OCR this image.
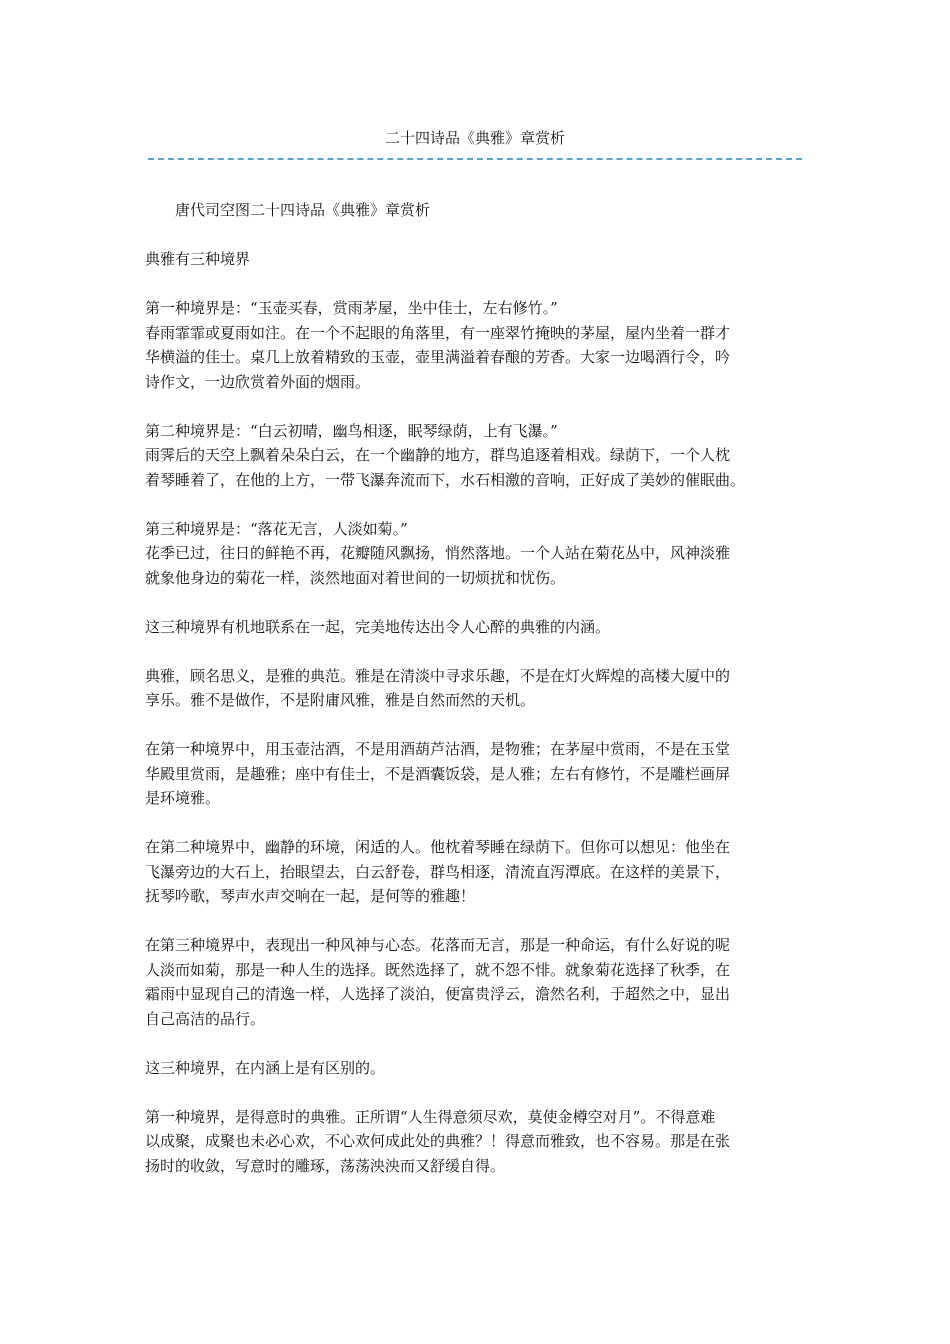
二十四诗品《典雅》章赏析

唐代司空图二十四诗品《典雅》章赏析

典雅有三种境界

第一种境界是：“玉壶买春，赏雨茅屋，坐中佳士，左右修竹。”
春雨霏霏或夏雨如注。在一个不起眼的角落里，有一座翠竹掩映的茅屋，屋内坐着一群才
华横溢的佳士。桌几上放着精致的玉壶，壶里满溢着春酿的芳香。大家一边喝酒行令，吟
诗作文，一边欣赏着外面的烟雨。

第二种境界是：“白云初晴，幽鸟相逐，眠琴绿荫，上有飞瀑。”
雨霁后的天空上飘着朵朵白云，在一个幽静的地方，群鸟追逐着相戏。绿荫下，一个人枕
着琴睡着了，在他的上方，一带飞瀑奔流而下，水石相激的音响，正好成了美妙的催眠曲。

第三种境界是：“落花无言，人淡如菊。”
花季已过，往日的鲜艳不再，花瓣随风飘扬，悄然落地。一个人站在菊花丛中，风神淡雅
就象他身边的菊花一样，淡然地面对着世间的一切烦扰和忧伤。

这三种境界有机地联系在一起，完美地传达出令人心醉的典雅的内涵。

典雅，顾名思义，是雅的典范。雅是在清淡中寻求乐趣，不是在灯火辉煌的高楼大厦中的
享乐。雅不是做作，不是附庸风雅，雅是自然而然的天机。

在第一种境界中，用玉壶沽酒，不是用酒葫芦沽酒，是物雅；在茅屋中赏雨，不是在玉堂
华殿里赏雨，是趣雅；座中有佳士，不是酒囊饭袋，是人雅；左右有修竹，不是雕栏画屏
是环境雅。

在第二种境界中，幽静的环境，闲适的人。他枕着琴睡在绿荫下。但你可以想见：他坐在
飞瀑旁边的大石上，抬眼望去，白云舒卷，群鸟相逐，清流直泻潭底。在这样的美景下，
抚琴吟歌，琴声水声交响在一起，是何等的雅趣！

在第三种境界中，表现出一种风神与心态。花落而无言，那是一种命运，有什么好说的呢
人淡而如菊，那是一种人生的选择。既然选择了，就不怨不悱。就象菊花选择了秋季，在
霜雨中显现自己的清逸一样，人选择了淡泊，便富贵浮云，澹然名利，于超然之中，显出
自己高洁的品行。

这三种境界，在内涵上是有区别的。

第一种境界，是得意时的典雅。正所谓“人生得意须尽欢，莫使金樽空对月”。不得意难
以成聚，成聚也未必心欢，不心欢何成此处的典雅？！得意而雅致，也不容易。那是在张
扬时的收敛，写意时的雕琢，荡荡泱泱而又舒缓自得。
